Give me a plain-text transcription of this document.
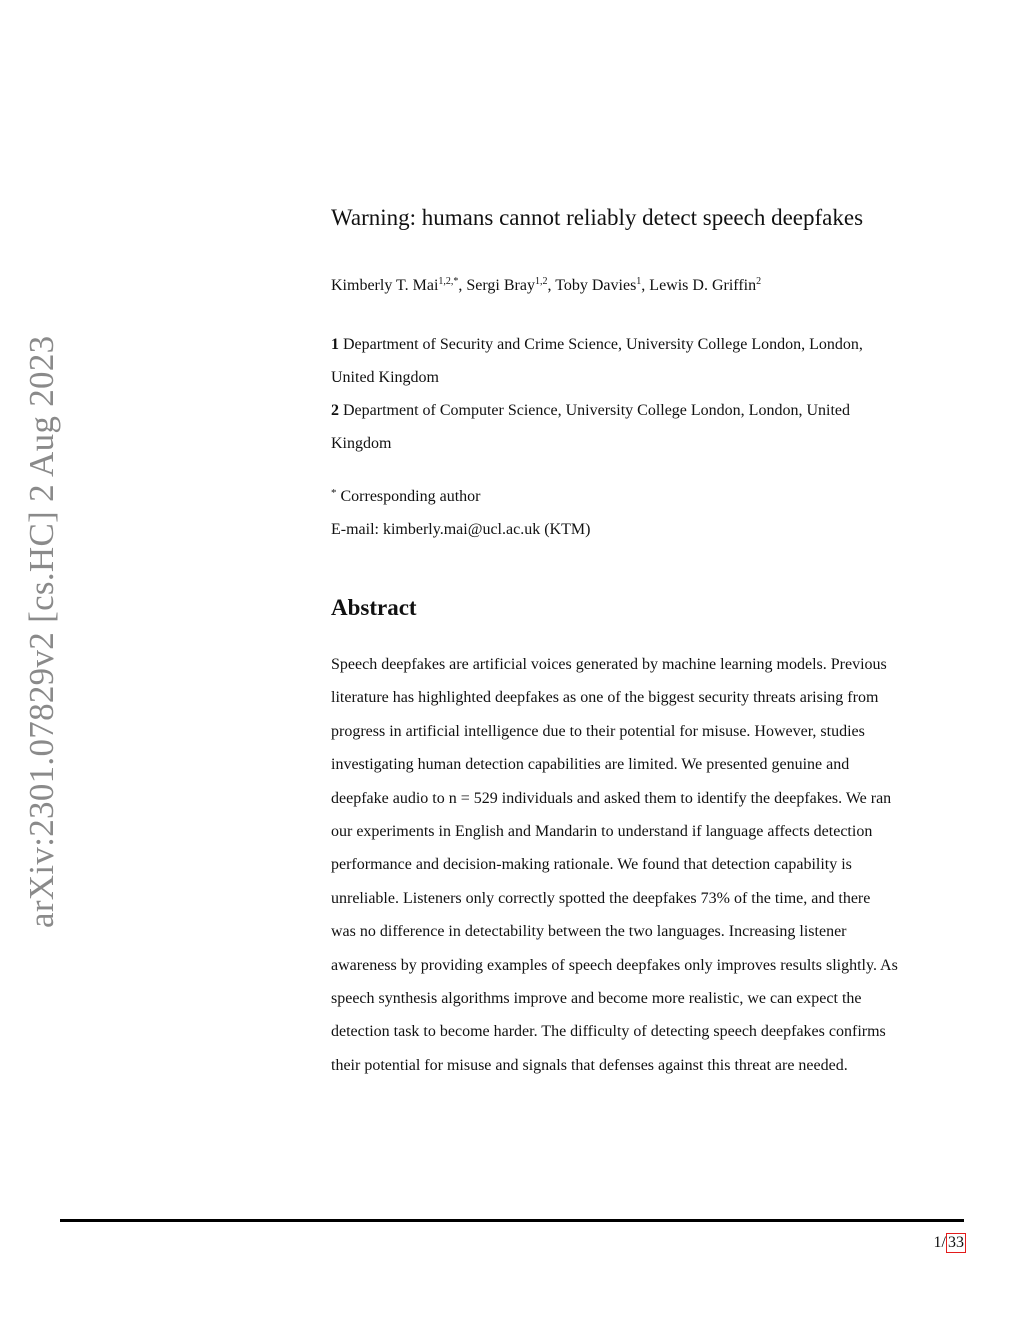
arXiv:2301.07829v2 [cs.HC] 2 Aug 2023
Warning: humans cannot reliably detect speech deepfakes
Kimberly T. Mai$^{1,2,*}$, Sergi Bray$^{1,2}$, Toby Davies$^1$, Lewis D. Griffin$^2$
1 Department of Security and Crime Science, University College London, London,
United Kingdom
2 Department of Computer Science, University College London, London, United
Kingdom
* Corresponding author
E-mail: kimberly.mai@ucl.ac.uk (KTM)
Abstract
Speech deepfakes are artificial voices generated by machine learning models. Previous
literature has highlighted deepfakes as one of the biggest security threats arising from
progress in artificial intelligence due to their potential for misuse. However, studies
investigating human detection capabilities are limited. We presented genuine and
deepfake audio to n = 529 individuals and asked them to identify the deepfakes. We ran
our experiments in English and Mandarin to understand if language affects detection
performance and decision-making rationale. We found that detection capability is
unreliable. Listeners only correctly spotted the deepfakes 73% of the time, and there
was no difference in detectability between the two languages. Increasing listener
awareness by providing examples of speech deepfakes only improves results slightly. As
speech synthesis algorithms improve and become more realistic, we can expect the
detection task to become harder. The difficulty of detecting speech deepfakes confirms
their potential for misuse and signals that defenses against this threat are needed.
1/ 33
